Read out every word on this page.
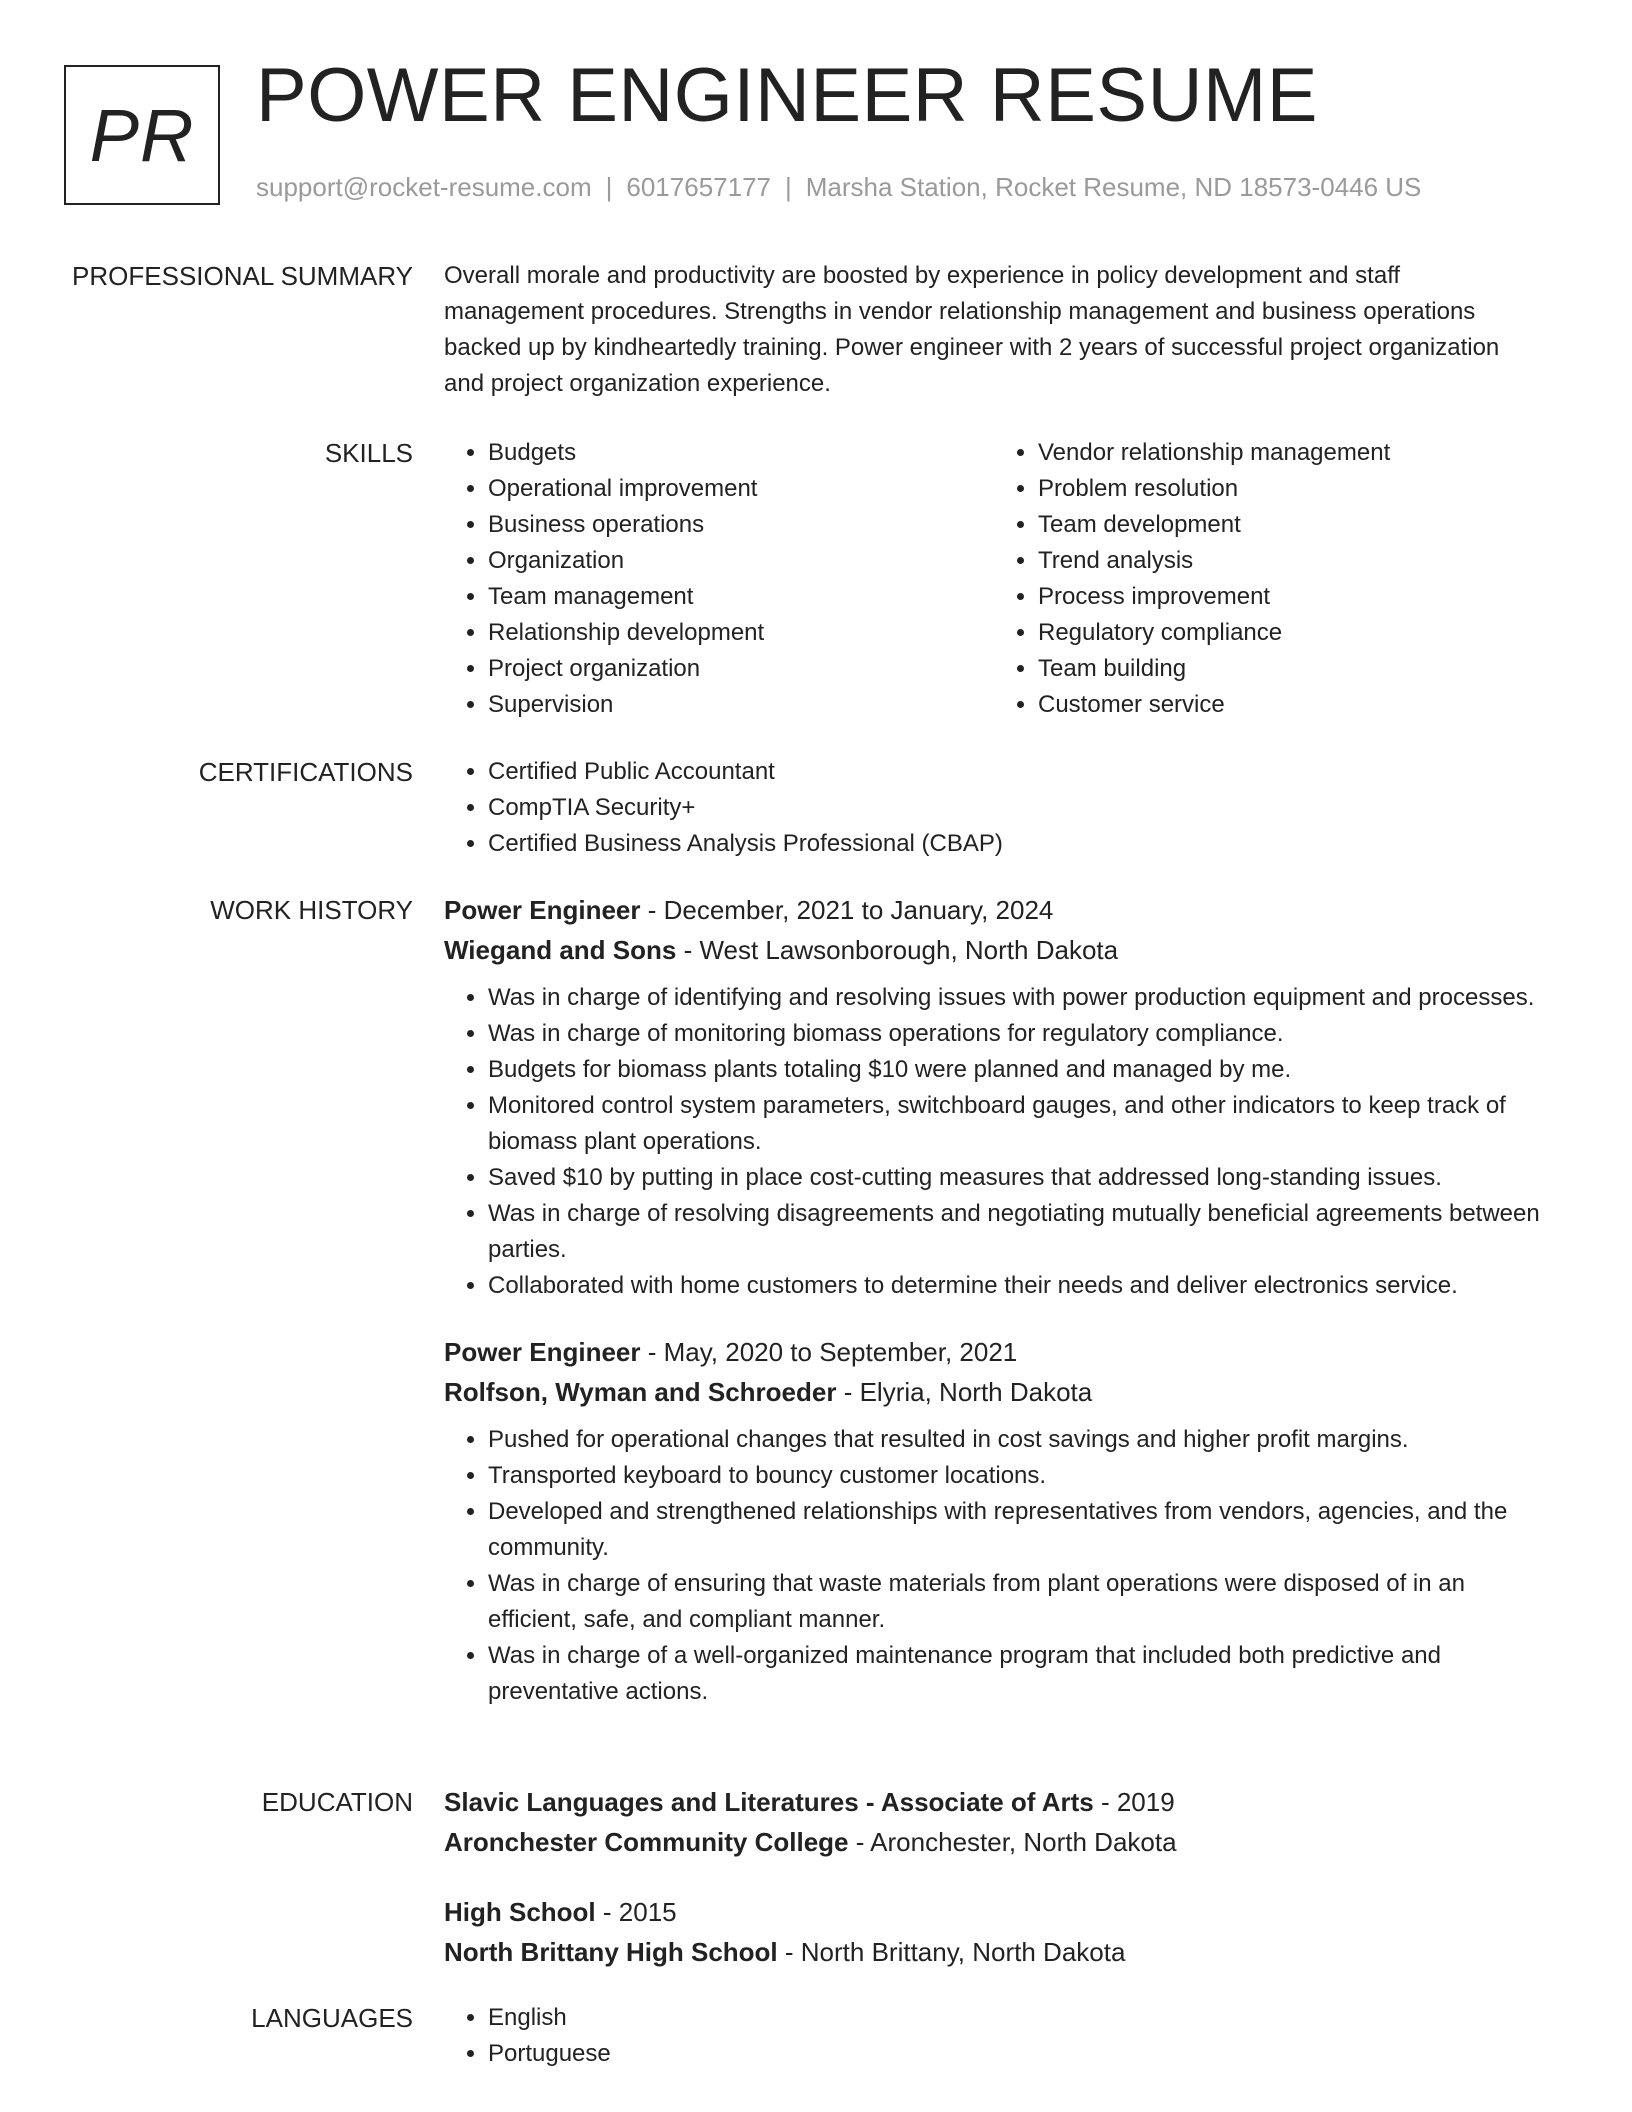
PR POWER ENGINEER RESUME
support@rocket-resume.com | 6017657177 | Marsha Station, Rocket Resume, ND 18573-0446 US
PROFESSIONAL SUMMARY Overall morale and productivity are boosted by experience in policy development and staff management procedures. Strengths in vendor relationship management and business operations backed up by kindheartedly training. Power engineer with 2 years of successful project organization and project organization experience.

SKILLS	• Budgets
• Operational improvement
• Business operations
• Organization
• Team management
• Relationship development
• Project organization
• Supervision
• Vendor relationship management
• Problem resolution
• Team development
• Trend analysis
• Process improvement
• Regulatory compliance
• Team building
• Customer service
CERTIFICATIONS	• Certified Public Accountant
• CompTIA Security+
• Certified Business Analysis Professional (CBAP)
WORK HISTORY Power Engineer - December, 2021 to January, 2024
Wiegand and Sons - West Lawsonborough, North Dakota
• Was in charge of identifying and resolving issues with power production equipment and processes.
• Was in charge of monitoring biomass operations for regulatory compliance.
• Budgets for biomass plants totaling $10 were planned and managed by me.
• Monitored control system parameters, switchboard gauges, and other indicators to keep track of biomass plant operations.
• Saved $10 by putting in place cost-cutting measures that addressed long-standing issues.
• Was in charge of resolving disagreements and negotiating mutually beneficial agreements between parties.
• Collaborated with home customers to determine their needs and deliver electronics service.
Power Engineer - May, 2020 to September, 2021
Rolfson, Wyman and Schroeder - Elyria, North Dakota
• Pushed for operational changes that resulted in cost savings and higher profit margins.
• Transported keyboard to bouncy customer locations.
• Developed and strengthened relationships with representatives from vendors, agencies, and the community.
• Was in charge of ensuring that waste materials from plant operations were disposed of in an efficient, safe, and compliant manner.
• Was in charge of a well-organized maintenance program that included both predictive and preventative actions.
EDUCATION Slavic Languages and Literatures - Associate of Arts - 2019
Aronchester Community College - Aronchester, North Dakota
High School - 2015
North Brittany High School - North Brittany, North Dakota
LANGUAGES	• English
• Portuguese
